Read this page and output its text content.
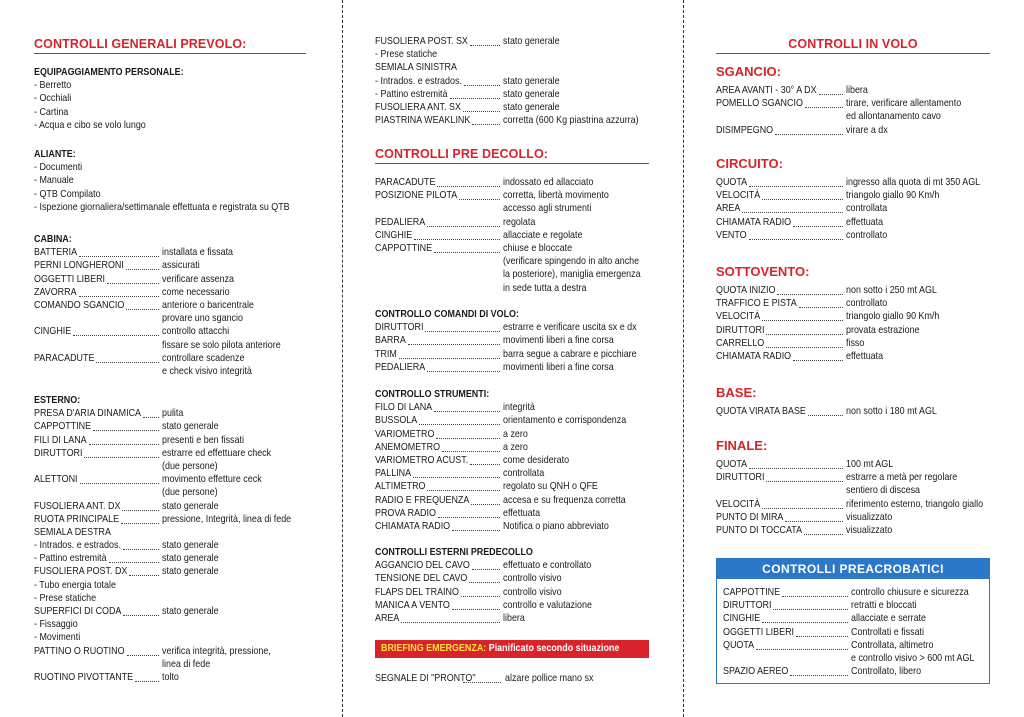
CONTROLLI GENERALI PREVOLO:
EQUIPAGGIAMENTO PERSONALE:
- Berretto
- Occhiali
- Cartina
- Acqua e cibo se volo lungo
ALIANTE:
- Documenti
- Manuale
- QTB Compilato
- Ispezione giornaliera/settimanale effettuata e registrata su QTB
CABINA:
BATTERIA	installata e fissata
PERNI LONGHERONI	assicurati
OGGETTI LIBERI	verificare assenza
ZAVORRA	come necessario
COMANDO SGANCIO	anteriore o baricentrale
provare uno sgancio
CINGHIE	controllo attacchi
fissare se solo pilota anteriore
PARACADUTE	controllare scadenze
e check visivo integrità
ESTERNO:
PRESA D'ARIA DINAMICA pulita
CAPPOTTINE	stato generale
FILI DI LANA	presenti e ben fissati
DIRUTTORI	estrarre ed effettuare check
(due persone)
ALETTONI	movimento effetture ceck
(due persone)
FUSOLIERA ANT. DX	stato generale
RUOTA PRINCIPALE	pressione, Integrità, linea di fede
SEMIALA DESTRA
- Intrados. e estrados.	stato generale
- Pattino estremità	stato generale
FUSOLIERA POST. DX	stato generale
- Tubo energia totale
- Prese statiche
SUPERFICI DI CODA	stato generale
- Fissaggio
- Movimenti
PATTINO O RUOTINO	verifica integrità, pressione,
linea di fede
RUOTINO PIVOTTANTE	tolto
FUSOLIERA POST. SX	stato generale
- Prese statiche
SEMIALA SINISTRA
- Intrados. e estrados.	stato generale
- Pattino estremità	stato generale
FUSOLIERA ANT. SX	stato generale
PIASTRINA WEAKLINK	corretta (600 Kg piastrina azzurra)
CONTROLLI PRE DECOLLO:
PARACADUTE	indossato ed allacciato
POSIZIONE PILOTA	corretta, libertà movimento
accesso agli strumenti
PEDALIERA	regolata
CINGHIE	allacciate e regolate
CAPPOTTINE	chiuse e bloccate
(verificare spingendo in alto anche
la posteriore), maniglia emergenza
in sede tutta a destra
CONTROLLO COMANDI DI VOLO:
DIRUTTORI	estrarre e verificare uscita sx e dx
BARRA	movimenti liberi a fine corsa
TRIM	barra segue a cabrare e picchiare
PEDALIERA	movimenti liberi a fine corsa
CONTROLLO STRUMENTI:
FILO DI LANA	integrità
BUSSOLA	orientamento e corrispondenza
VARIOMETRO	a zero
ANEMOMETRO	a zero
VARIOMETRO ACUST.	come desiderato
PALLINA	controllata
ALTIMETRO	regolato su QNH o QFE
RADIO E FREQUENZA	accesa e su frequenza corretta
PROVA RADIO	effettuata
CHIAMATA RADIO	Notifica o piano abbreviato
CONTROLLI ESTERNI PREDECOLLO
AGGANCIO DEL CAVO	effettuato e controllato
TENSIONE DEL CAVO	controllo visivo
FLAPS DEL TRAINO	controllo visivo
MANICA A VENTO	controllo e valutazione
AREA	libera
BRIEFING EMERGENZA: Pianificato secondo situazione
SEGNALE DI "PRONTO"	alzare pollice mano sx
CONTROLLI IN VOLO
SGANCIO:
AREA AVANTI - 30° A DX	libera
POMELLO SGANCIO	tirare, verificare allentamento
ed allontanamento cavo
DISIMPEGNO	virare a dx
CIRCUITO:
QUOTA	ingresso alla quota di mt 350 AGL
VELOCITÀ	triangolo giallo 90 Km/h
AREA	controllata
CHIAMATA RADIO	effettuata
VENTO	controllato
SOTTOVENTO:
QUOTA INIZIO	non sotto i 250 mt AGL
TRAFFICO E PISTA	controllato
VELOCITÀ	triangolo giallo 90 Km/h
DIRUTTORI	provata estrazione
CARRELLO	fisso
CHIAMATA RADIO	effettuata
BASE:
QUOTA VIRATA BASE	non sotto i 180 mt AGL
FINALE:
QUOTA	100 mt AGL
DIRUTTORI	estrarre a metà per regolare
sentiero di discesa
VELOCITÀ	riferimento esterno, triangolo giallo
PUNTO DI MIRA	visualizzato
PUNTO DI TOCCATA	visualizzato
CONTROLLI PREACROBATICI
CAPPOTTINE	controllo chiusure e sicurezza
DIRUTTORI	retratti e bloccati
CINGHIE	allacciate e serrate
OGGETTI LIBERI	Controllati e fissati
QUOTA	Controllata, altimetro
e controllo visivo > 600 mt AGL
SPAZIO AEREO	Controllato, libero
